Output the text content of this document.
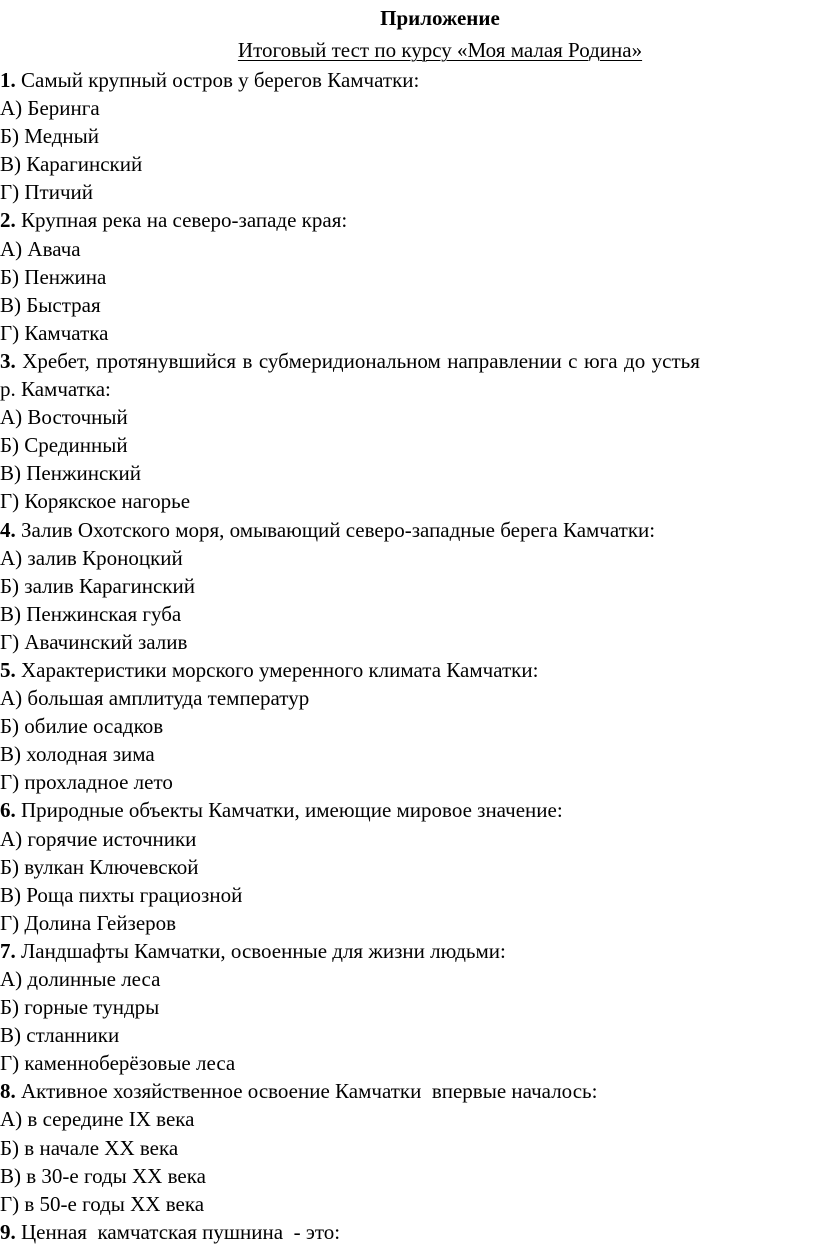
Приложение
Итоговый тест по курсу «Моя малая Родина»
1. Самый крупный остров у берегов Камчатки:
А) Беринга
Б) Медный
В) Карагинский
Г) Птичий
2. Крупная река на северо-западе края:
А) Авача
Б) Пенжина
В) Быстрая
Г) Камчатка
3. Хребет, протянувшийся в субмеридиональном направлении с юга до устья
р. Камчатка:
А) Восточный
Б) Срединный
В) Пенжинский
Г) Корякское нагорье
4. Залив Охотского моря, омывающий северо-западные берега Камчатки:
А) залив Кроноцкий
Б) залив Карагинский
В) Пенжинская губа
Г) Авачинский залив
5. Характеристики морского умеренного климата Камчатки:
А) большая амплитуда температур
Б) обилие осадков
В) холодная зима
Г) прохладное лето
6. Природные объекты Камчатки, имеющие мировое значение:
А) горячие источники
Б) вулкан Ключевской
В) Роща пихты грациозной
Г) Долина Гейзеров
7. Ландшафты Камчатки, освоенные для жизни людьми:
А) долинные леса
Б) горные тундры
В) стланники
Г) каменноберёзовые леса
8. Активное хозяйственное освоение Камчатки  впервые началось:
А) в середине IX века
Б) в начале XX века
В) в 30-е годы XX века
Г) в 50-е годы XX века
9. Ценная  камчатская пушнина  - это:
